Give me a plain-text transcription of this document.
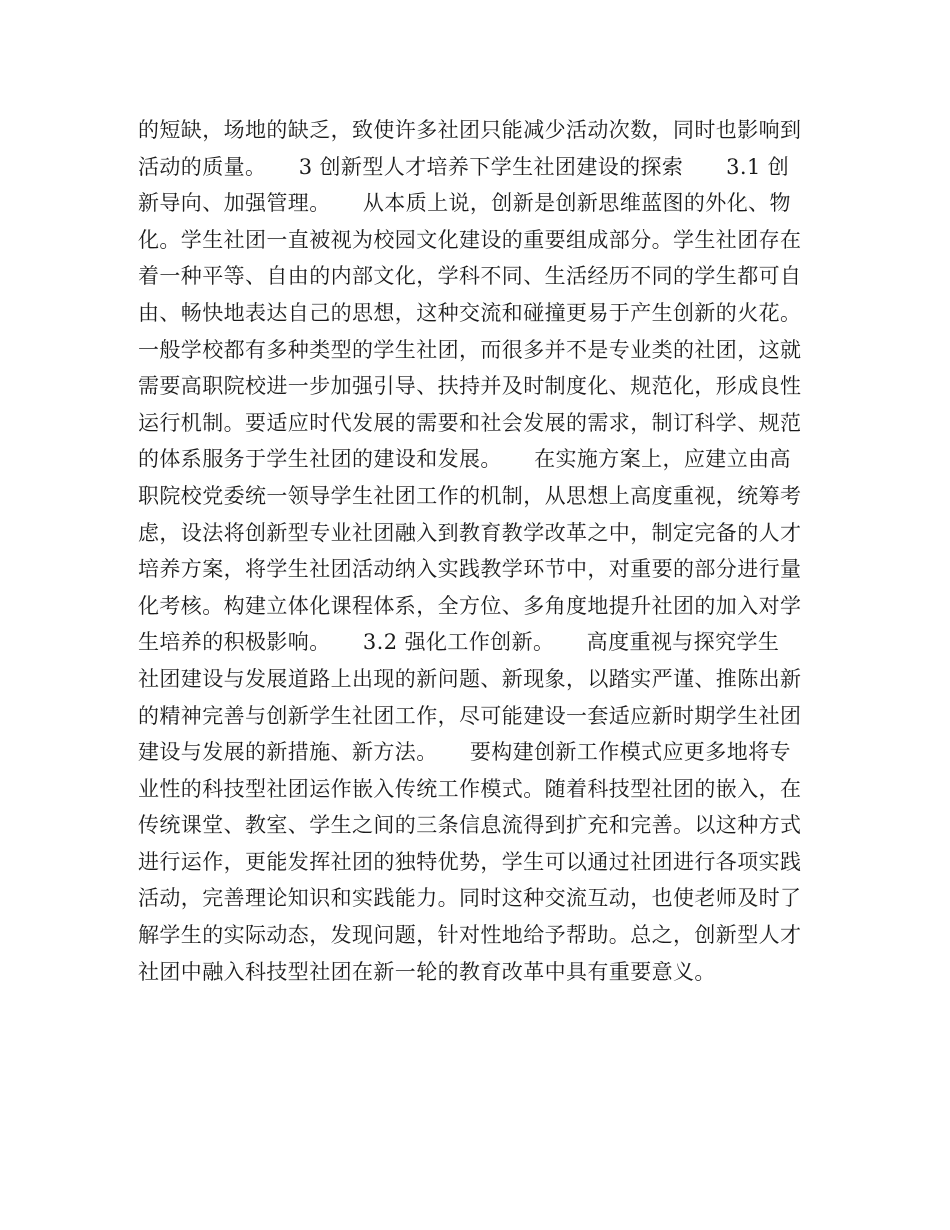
的短缺，场地的缺乏，致使许多社团只能减少活动次数，同时也影响到
活动的质量。　　3 创新型人才培养下学生社团建设的探索　　3.1 创
新导向、加强管理。　　从本质上说，创新是创新思维蓝图的外化、物
化。学生社团一直被视为校园文化建设的重要组成部分。学生社团存在
着一种平等、自由的内部文化，学科不同、生活经历不同的学生都可自
由、畅快地表达自己的思想，这种交流和碰撞更易于产生创新的火花。
一般学校都有多种类型的学生社团，而很多并不是专业类的社团，这就
需要高职院校进一步加强引导、扶持并及时制度化、规范化，形成良性
运行机制。要适应时代发展的需要和社会发展的需求，制订科学、规范
的体系服务于学生社团的建设和发展。　　在实施方案上，应建立由高
职院校党委统一领导学生社团工作的机制，从思想上高度重视，统筹考
虑，设法将创新型专业社团融入到教育教学改革之中，制定完备的人才
培养方案，将学生社团活动纳入实践教学环节中，对重要的部分进行量
化考核。构建立体化课程体系，全方位、多角度地提升社团的加入对学
生培养的积极影响。　　3.2 强化工作创新。　　高度重视与探究学生
社团建设与发展道路上出现的新问题、新现象，以踏实严谨、推陈出新
的精神完善与创新学生社团工作，尽可能建设一套适应新时期学生社团
建设与发展的新措施、新方法。　　要构建创新工作模式应更多地将专
业性的科技型社团运作嵌入传统工作模式。随着科技型社团的嵌入，在
传统课堂、教室、学生之间的三条信息流得到扩充和完善。以这种方式
进行运作，更能发挥社团的独特优势，学生可以通过社团进行各项实践
活动，完善理论知识和实践能力。同时这种交流互动，也使老师及时了
解学生的实际动态，发现问题，针对性地给予帮助。总之，创新型人才
社团中融入科技型社团在新一轮的教育改革中具有重要意义。
